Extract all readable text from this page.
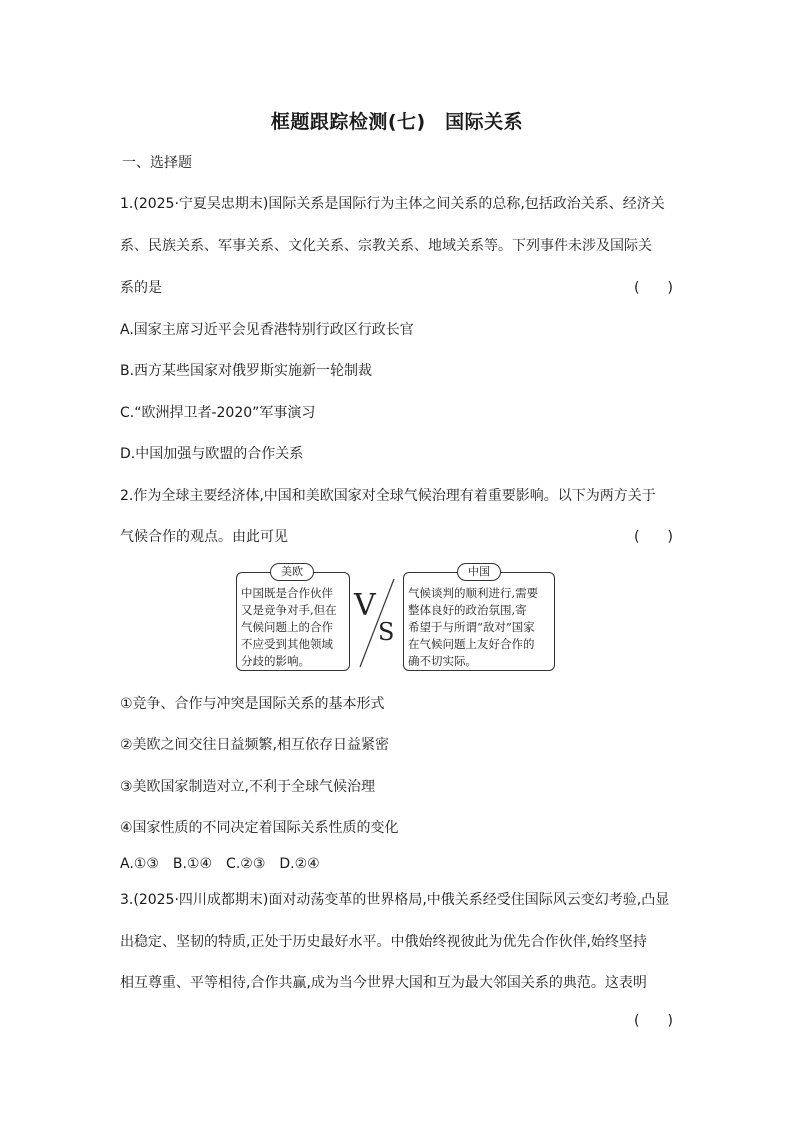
框题跟踪检测(七)　国际关系
一、选择题
1.(2025·宁夏吴忠期末)国际关系是国际行为主体之间关系的总称,包括政治关系、经济关
系、民族关系、军事关系、文化关系、宗教关系、地域关系等。下列事件未涉及国际关
系的是	(　　)
A.国家主席习近平会见香港特别行政区行政长官
B.西方某些国家对俄罗斯实施新一轮制裁
C.“欧洲捍卫者-2020”军事演习
D.中国加强与欧盟的合作关系
2.作为全球主要经济体,中国和美欧国家对全球气候治理有着重要影响。以下为两方关于
气候合作的观点。由此可见	(　　)
美欧
中国既是合作伙伴
又是竞争对手,但在
气候问题上的合作
不应受到其他领域
分歧的影响。
V
S
中国
气候谈判的顺利进行,需要
整体良好的政治氛围,寄
希望于与所谓“敌对”国家
在气候问题上友好合作的
确不切实际。
①竞争、合作与冲突是国际关系的基本形式
②美欧之间交往日益频繁,相互依存日益紧密
③美欧国家制造对立,不利于全球气候治理
④国家性质的不同决定着国际关系性质的变化
A.①③　B.①④　C.②③　D.②④
3.(2025·四川成都期末)面对动荡变革的世界格局,中俄关系经受住国际风云变幻考验,凸显
出稳定、坚韧的特质,正处于历史最好水平。中俄始终视彼此为优先合作伙伴,始终坚持
相互尊重、平等相待,合作共赢,成为当今世界大国和互为最大邻国关系的典范。这表明
(　　)
